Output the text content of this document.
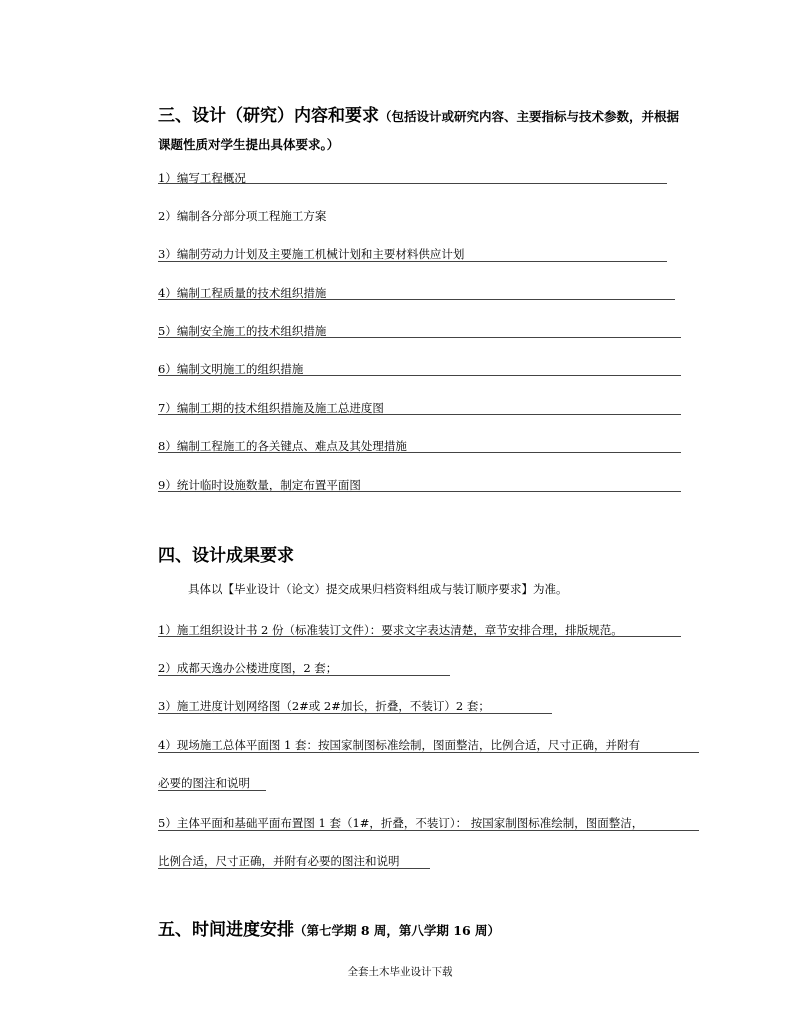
三、设计（研究）内容和要求（包括设计或研究内容、主要指标与技术参数，并根据
课题性质对学生提出具体要求。）
1）编写工程概况
2）编制各分部分项工程施工方案
3）编制劳动力计划及主要施工机械计划和主要材料供应计划
4）编制工程质量的技术组织措施
5）编制安全施工的技术组织措施
6）编制文明施工的组织措施
7）编制工期的技术组织措施及施工总进度图
8）编制工程施工的各关键点、难点及其处理措施
9）统计临时设施数量，制定布置平面图
四、设计成果要求
具体以【毕业设计（论文）提交成果归档资料组成与装订顺序要求】为准。
1）施工组织设计书 2 份（标准装订文件）：要求文字表达清楚，章节安排合理，排版规范。
2）成都天逸办公楼进度图，2 套；
3）施工进度计划网络图（2#或 2#加长，折叠，不装订）2 套；
4）现场施工总体平面图 1 套：按国家制图标准绘制，图面整洁，比例合适，尺寸正确，并附有
必要的图注和说明
5）主体平面和基础平面布置图 1 套（1#，折叠，不装订）： 按国家制图标准绘制，图面整洁，
比例合适，尺寸正确，并附有必要的图注和说明
五、时间进度安排（第七学期 8 周，第八学期 16 周）
全套土木毕业设计下载
